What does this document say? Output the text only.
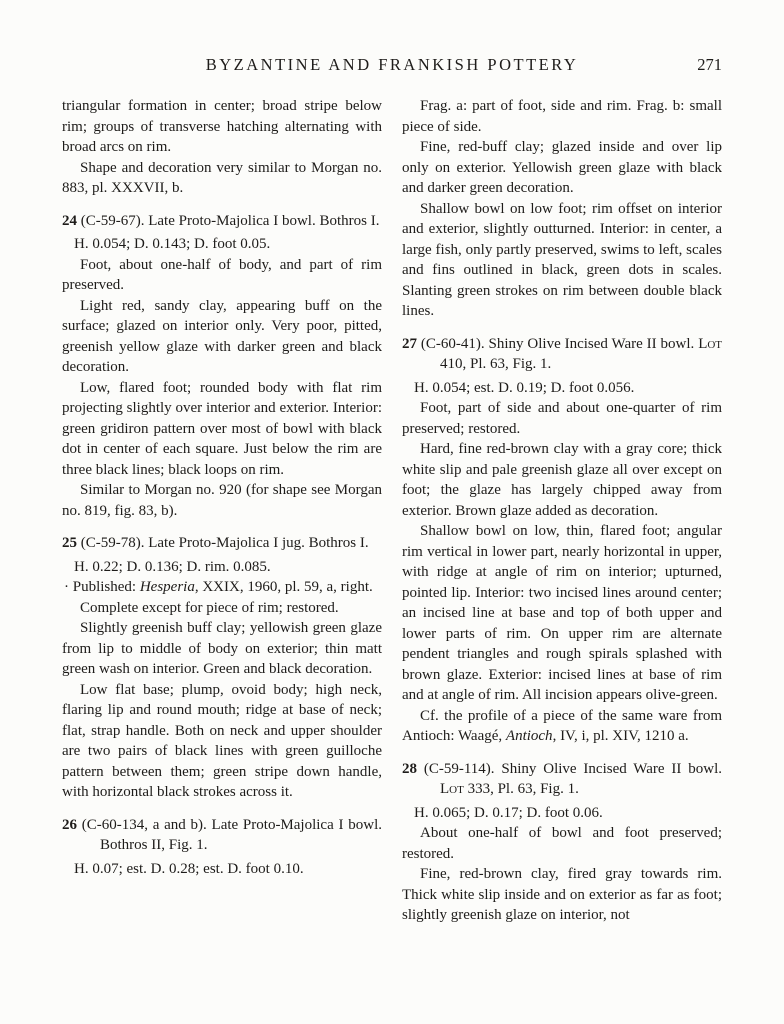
BYZANTINE AND FRANKISH POTTERY	271

triangular formation in center; broad stripe below rim; groups of transverse hatching alternating with broad arcs on rim.

Shape and decoration very similar to Morgan no. 883, pl. XXXVII, b.

24 (C-59-67). Late Proto-Majolica I bowl. Bothros I.

H. 0.054; D. 0.143; D. foot 0.05.

Foot, about one-half of body, and part of rim preserved.

Light red, sandy clay, appearing buff on the surface; glazed on interior only. Very poor, pitted, greenish yellow glaze with darker green and black decoration.

Low, flared foot; rounded body with flat rim projecting slightly over interior and exterior. Interior: green gridiron pattern over most of bowl with black dot in center of each square. Just below the rim are three black lines; black loops on rim.

Similar to Morgan no. 920 (for shape see Morgan no. 819, fig. 83, b).

25 (C-59-78). Late Proto-Majolica I jug. Bothros I.

H. 0.22; D. 0.136; D. rim. 0.085.

· Published: Hesperia, XXIX, 1960, pl. 59, a, right.

Complete except for piece of rim; restored.

Slightly greenish buff clay; yellowish green glaze from lip to middle of body on exterior; thin matt green wash on interior. Green and black decoration.

Low flat base; plump, ovoid body; high neck, flaring lip and round mouth; ridge at base of neck; flat, strap handle. Both on neck and upper shoulder are two pairs of black lines with green guilloche pattern between them; green stripe down handle, with horizontal black strokes across it.

26 (C-60-134, a and b). Late Proto-Majolica I bowl. Bothros II, Fig. 1.

H. 0.07; est. D. 0.28; est. D. foot 0.10.

Frag. a: part of foot, side and rim. Frag. b: small piece of side.

Fine, red-buff clay; glazed inside and over lip only on exterior. Yellowish green glaze with black and darker green decoration.

Shallow bowl on low foot; rim offset on interior and exterior, slightly outturned. Interior: in center, a large fish, only partly preserved, swims to left, scales and fins outlined in black, green dots in scales. Slanting green strokes on rim between double black lines.

27 (C-60-41). Shiny Olive Incised Ware II bowl. Lot 410, Pl. 63, Fig. 1.

H. 0.054; est. D. 0.19; D. foot 0.056.

Foot, part of side and about one-quarter of rim preserved; restored.

Hard, fine red-brown clay with a gray core; thick white slip and pale greenish glaze all over except on foot; the glaze has largely chipped away from exterior. Brown glaze added as decoration.

Shallow bowl on low, thin, flared foot; angular rim vertical in lower part, nearly horizontal in upper, with ridge at angle of rim on interior; upturned, pointed lip. Interior: two incised lines around center; an incised line at base and top of both upper and lower parts of rim. On upper rim are alternate pendent triangles and rough spirals splashed with brown glaze. Exterior: incised lines at base of rim and at angle of rim. All incision appears olive-green.

Cf. the profile of a piece of the same ware from Antioch: Waagé, Antioch, IV, i, pl. XIV, 1210 a.

28 (C-59-114). Shiny Olive Incised Ware II bowl. Lot 333, Pl. 63, Fig. 1.

H. 0.065; D. 0.17; D. foot 0.06.

About one-half of bowl and foot preserved; restored.

Fine, red-brown clay, fired gray towards rim. Thick white slip inside and on exterior as far as foot; slightly greenish glaze on interior, not
